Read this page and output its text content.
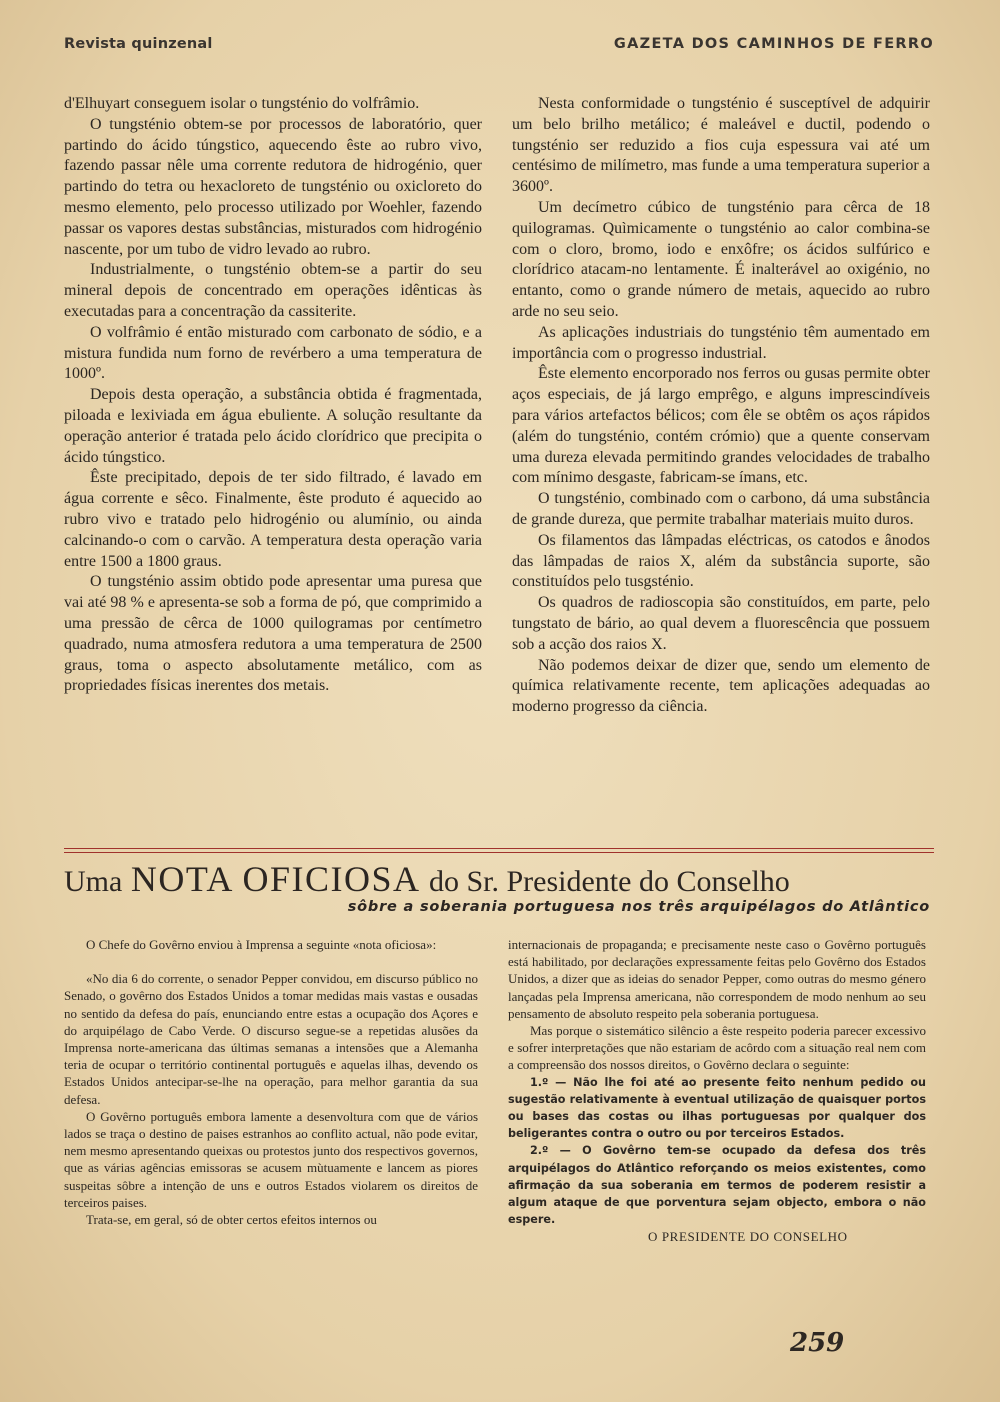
Revista quinzenal	GAZETA DOS CAMINHOS DE FERRO

d'Elhuyart conseguem isolar o tungsténio do volfrâmio.

O tungsténio obtem-se por processos de laboratório, quer partindo do ácido túngstico, aquecendo êste ao rubro vivo, fazendo passar nêle uma corrente redutora de hidrogénio, quer partindo do tetra ou hexacloreto de tungsténio ou oxicloreto do mesmo elemento, pelo processo utilizado por Woehler, fazendo passar os vapores destas substâncias, misturados com hidrogénio nascente, por um tubo de vidro levado ao rubro.

Industrialmente, o tungsténio obtem-se a partir do seu mineral depois de concentrado em operações idênticas às executadas para a concentração da cassiterite.

O volfrâmio é então misturado com carbonato de sódio, e a mistura fundida num forno de revérbero a uma temperatura de 1000º.

Depois desta operação, a substância obtida é fragmentada, piloada e lexiviada em água ebuliente. A solução resultante da operação anterior é tratada pelo ácido clorídrico que precipita o ácido túngstico.

Êste precipitado, depois de ter sido filtrado, é lavado em água corrente e sêco. Finalmente, êste produto é aquecido ao rubro vivo e tratado pelo hidrogénio ou alumínio, ou ainda calcinando-o com o carvão. A temperatura desta operação varia entre 1500 a 1800 graus.

O tungsténio assim obtido pode apresentar uma puresa que vai até 98 % e apresenta-se sob a forma de pó, que comprimido a uma pressão de cêrca de 1000 quilogramas por centímetro quadrado, numa atmosfera redutora a uma temperatura de 2500 graus, toma o aspecto absolutamente metálico, com as propriedades físicas inerentes dos metais.

Nesta conformidade o tungsténio é susceptível de adquirir um belo brilho metálico; é maleável e ductil, podendo o tungsténio ser reduzido a fios cuja espessura vai até um centésimo de milímetro, mas funde a uma temperatura superior a 3600º.

Um decímetro cúbico de tungsténio para cêrca de 18 quilogramas. Quìmicamente o tungsténio ao calor combina-se com o cloro, bromo, iodo e enxôfre; os ácidos sulfúrico e clorídrico atacam-no lentamente. É inalterável ao oxigénio, no entanto, como o grande número de metais, aquecido ao rubro arde no seu seio.

As aplicações industriais do tungsténio têm aumentado em importância com o progresso industrial.

Êste elemento encorporado nos ferros ou gusas permite obter aços especiais, de já largo emprêgo, e alguns imprescindíveis para vários artefactos bélicos; com êle se obtêm os aços rápidos (além do tungsténio, contém crómio) que a quente conservam uma dureza elevada permitindo grandes velocidades de trabalho com mínimo desgaste, fabricam-se ímans, etc.

O tungsténio, combinado com o carbono, dá uma substância de grande dureza, que permite trabalhar materiais muito duros.

Os filamentos das lâmpadas eléctricas, os catodos e ânodos das lâmpadas de raios X, além da substância suporte, são constituídos pelo tusgsténio.

Os quadros de radioscopia são constituídos, em parte, pelo tungstato de bário, ao qual devem a fluorescência que possuem sob a acção dos raios X.

Não podemos deixar de dizer que, sendo um elemento de química relativamente recente, tem aplicações adequadas ao moderno progresso da ciência.

Uma NOTA OFICIOSA do Sr. Presidente do Conselho
sôbre a soberania portuguesa nos três arquipélagos do Atlântico

O Chefe do Govêrno enviou à Imprensa a seguinte «nota oficiosa»:

«No dia 6 do corrente, o senador Pepper convidou, em discurso público no Senado, o govêrno dos Estados Unidos a tomar medidas mais vastas e ousadas no sentido da defesa do país, enunciando entre estas a ocupação dos Açores e do arquipélago de Cabo Verde. O discurso segue-se a repetidas alusões da Imprensa norte-americana das últimas semanas a intensões que a Alemanha teria de ocupar o território continental português e aquelas ilhas, devendo os Estados Unidos antecipar-se-lhe na operação, para melhor garantia da sua defesa.

O Govêrno português embora lamente a desenvoltura com que de vários lados se traça o destino de paises estranhos ao conflito actual, não pode evitar, nem mesmo apresentando queixas ou protestos junto dos respectivos governos, que as várias agências emissoras se acusem mùtuamente e lancem as piores suspeitas sôbre a intenção de uns e outros Estados violarem os direitos de terceiros paises.

Trata-se, em geral, só de obter certos efeitos internos ou

internacionais de propaganda; e precisamente neste caso o Govêrno português está habilitado, por declarações expressamente feitas pelo Govêrno dos Estados Unidos, a dizer que as ideias do senador Pepper, como outras do mesmo género lançadas pela Imprensa americana, não correspondem de modo nenhum ao seu pensamento de absoluto respeito pela soberania portuguesa.

Mas porque o sistemático silêncio a êste respeito poderia parecer excessivo e sofrer interpretações que não estariam de acôrdo com a situação real nem com a compreensão dos nossos direitos, o Govêrno declara o seguinte:

1.º — Não lhe foi até ao presente feito nenhum pedido ou sugestão relativamente à eventual utilização de quaisquer portos ou bases das costas ou ilhas portuguesas por qualquer dos beligerantes contra o outro ou por terceiros Estados.

2.º — O Govêrno tem-se ocupado da defesa dos três arquipélagos do Atlântico reforçando os meios existentes, como afirmação da sua soberania em termos de poderem resistir a algum ataque de que porventura sejam objecto, embora o não espere.

O PRESIDENTE DO CONSELHO

259
